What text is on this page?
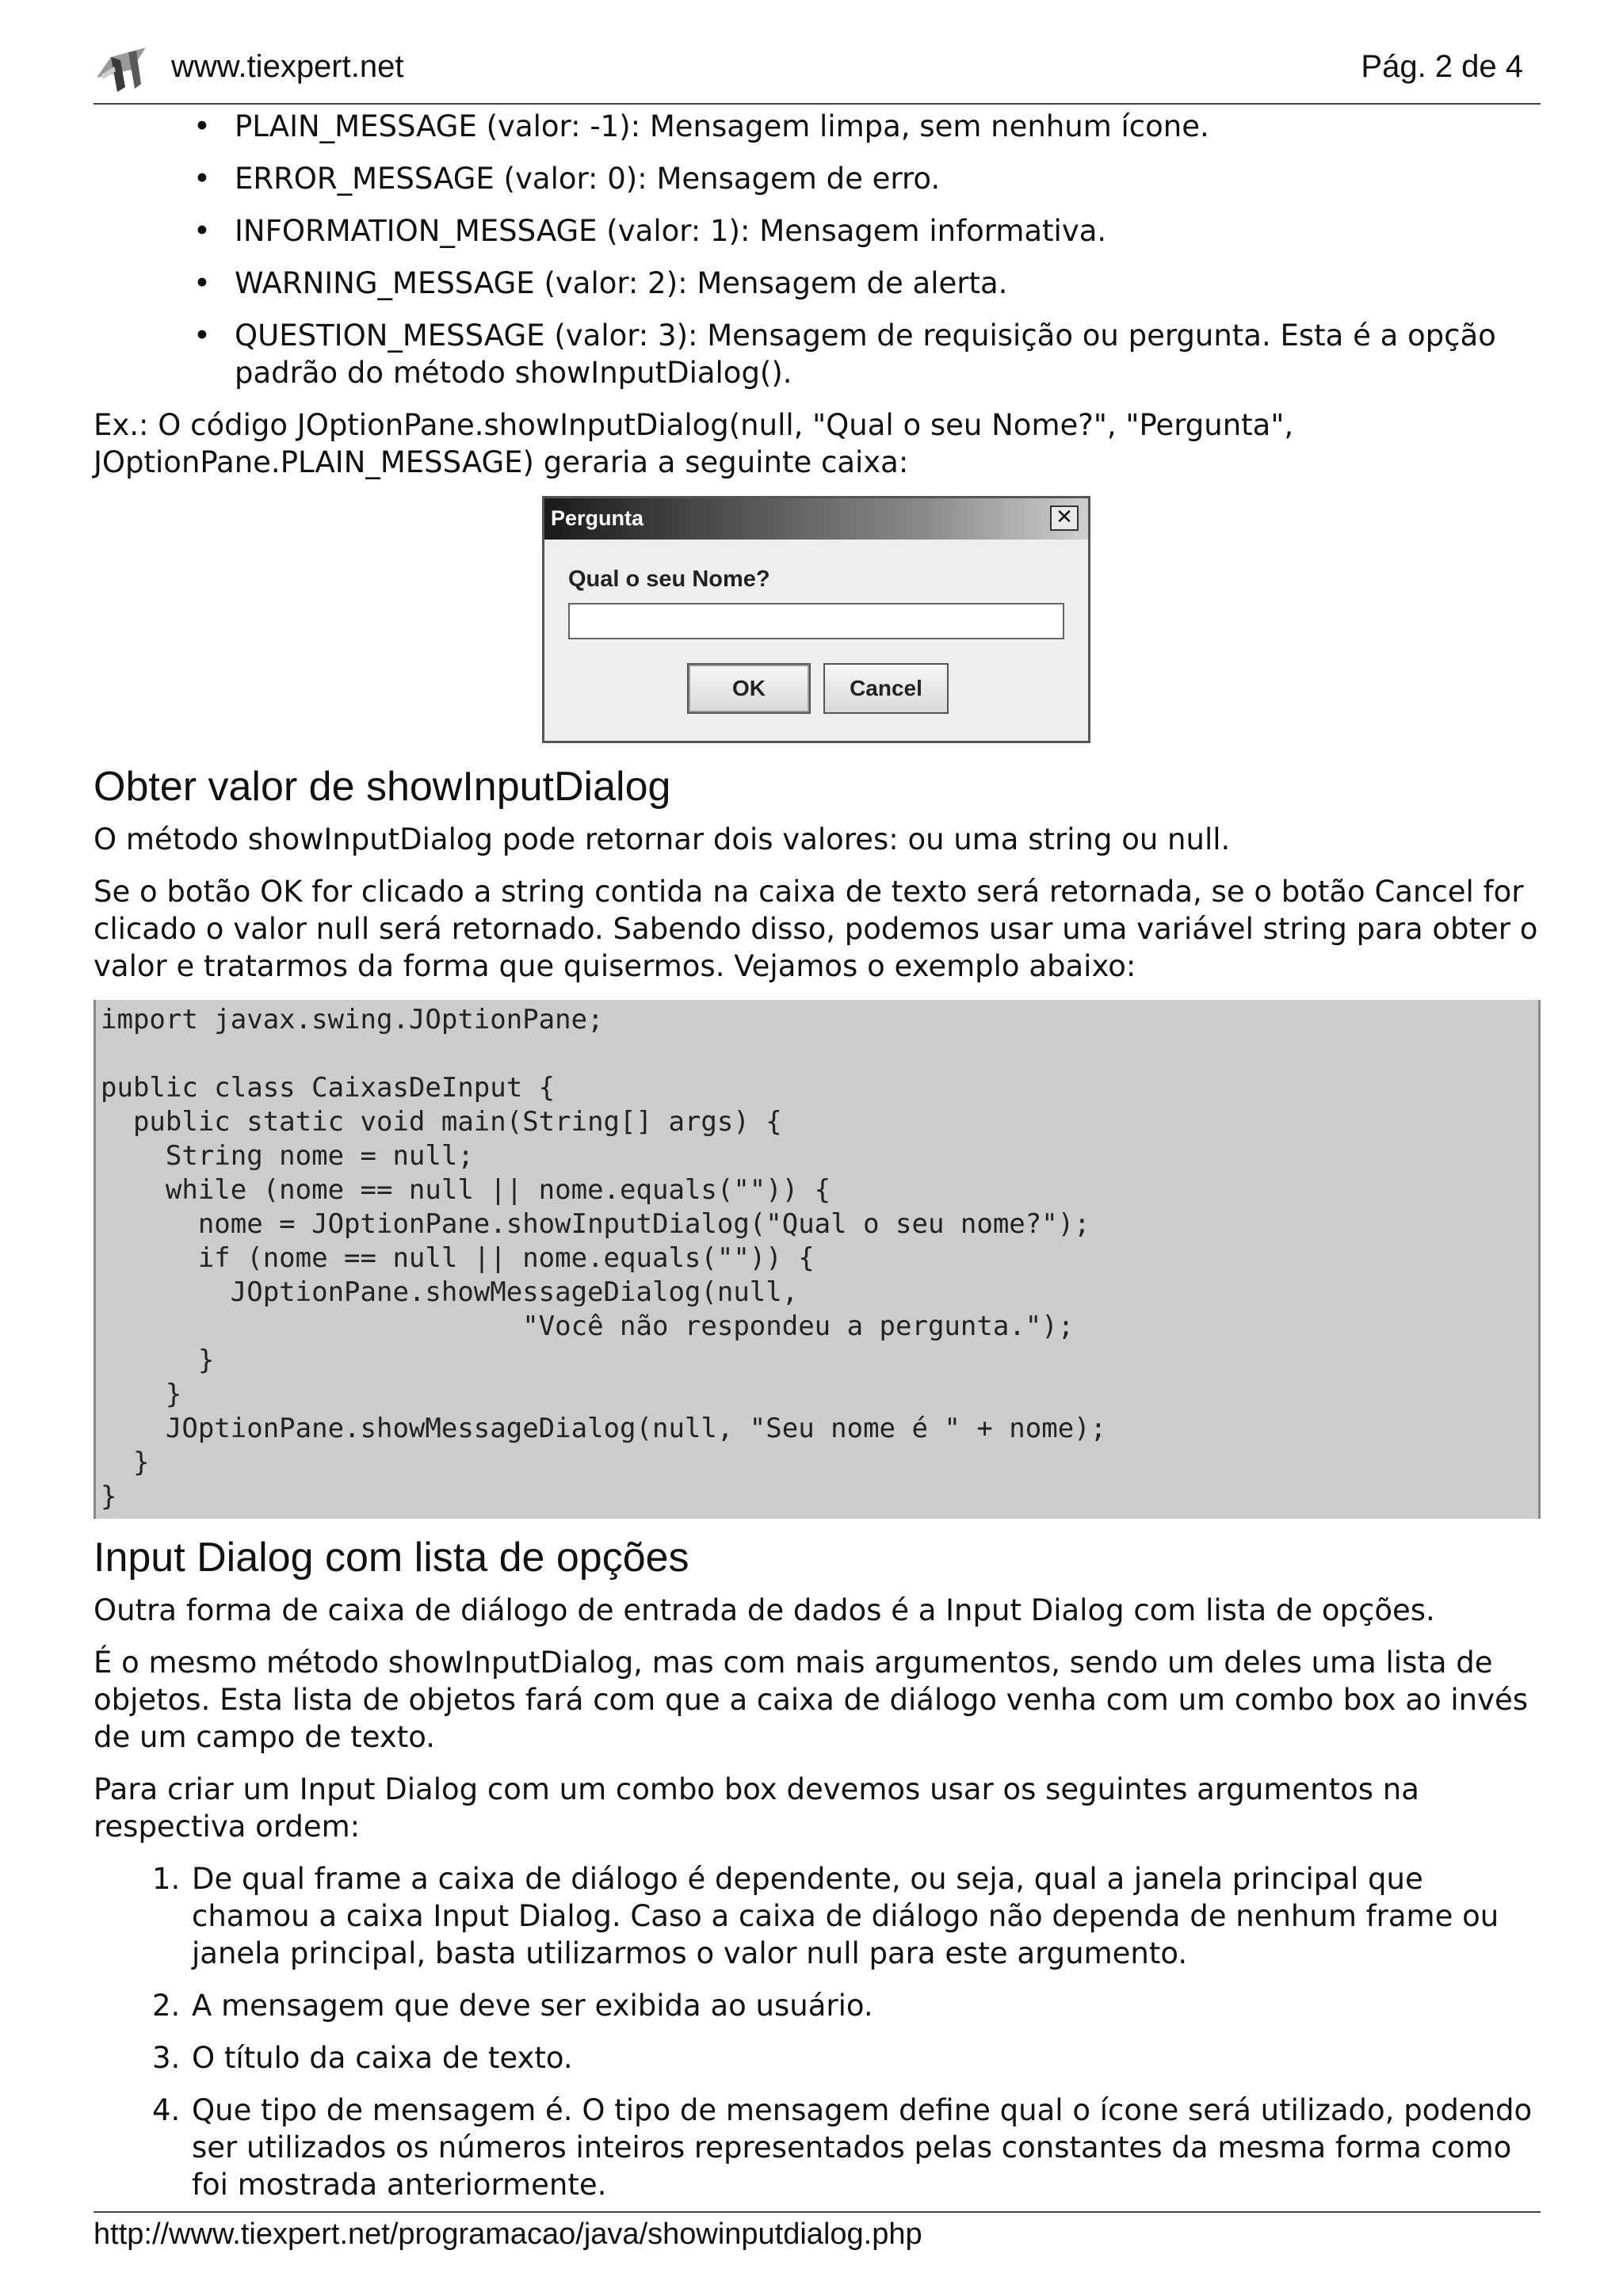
www.tiexpert.net	Pág. 2 de 4
• PLAIN_MESSAGE (valor: -1): Mensagem limpa, sem nenhum ícone.
• ERROR_MESSAGE (valor: 0): Mensagem de erro.
• INFORMATION_MESSAGE (valor: 1): Mensagem informativa.
• WARNING_MESSAGE (valor: 2): Mensagem de alerta.
• QUESTION_MESSAGE (valor: 3): Mensagem de requisição ou pergunta. Esta é a opção padrão do método showInputDialog().

Ex.: O código JOptionPane.showInputDialog(null, "Qual o seu Nome?", "Pergunta", JOptionPane.PLAIN_MESSAGE) geraria a seguinte caixa:

Pergunta	✕
Qual o seu Nome?
OK	Cancel
Obter valor de showInputDialog

O método showInputDialog pode retornar dois valores: ou uma string ou null.

Se o botão OK for clicado a string contida na caixa de texto será retornada, se o botão Cancel for clicado o valor null será retornado. Sabendo disso, podemos usar uma variável string para obter o valor e tratarmos da forma que quisermos. Vejamos o exemplo abaixo:

import javax.swing.JOptionPane;

public class CaixasDeInput {
public static void main(String[] args) {
String nome = null;
while (nome == null || nome.equals("")) {
nome = JOptionPane.showInputDialog("Qual o seu nome?");
if (nome == null || nome.equals("")) {
JOptionPane.showMessageDialog(null,
"Você não respondeu a pergunta.");
}
}
JOptionPane.showMessageDialog(null, "Seu nome é " + nome);
}
}
Input Dialog com lista de opções

Outra forma de caixa de diálogo de entrada de dados é a Input Dialog com lista de opções.

É o mesmo método showInputDialog, mas com mais argumentos, sendo um deles uma lista de objetos. Esta lista de objetos fará com que a caixa de diálogo venha com um combo box ao invés de um campo de texto.

Para criar um Input Dialog com um combo box devemos usar os seguintes argumentos na respectiva ordem:

1. De qual frame a caixa de diálogo é dependente, ou seja, qual a janela principal que chamou a caixa Input Dialog. Caso a caixa de diálogo não dependa de nenhum frame ou janela principal, basta utilizarmos o valor null para este argumento.
2. A mensagem que deve ser exibida ao usuário.
3. O título da caixa de texto.
4. Que tipo de mensagem é. O tipo de mensagem define qual o ícone será utilizado, podendo ser utilizados os números inteiros representados pelas constantes da mesma forma como foi mostrada anteriormente.
http://www.tiexpert.net/programacao/java/showinputdialog.php
